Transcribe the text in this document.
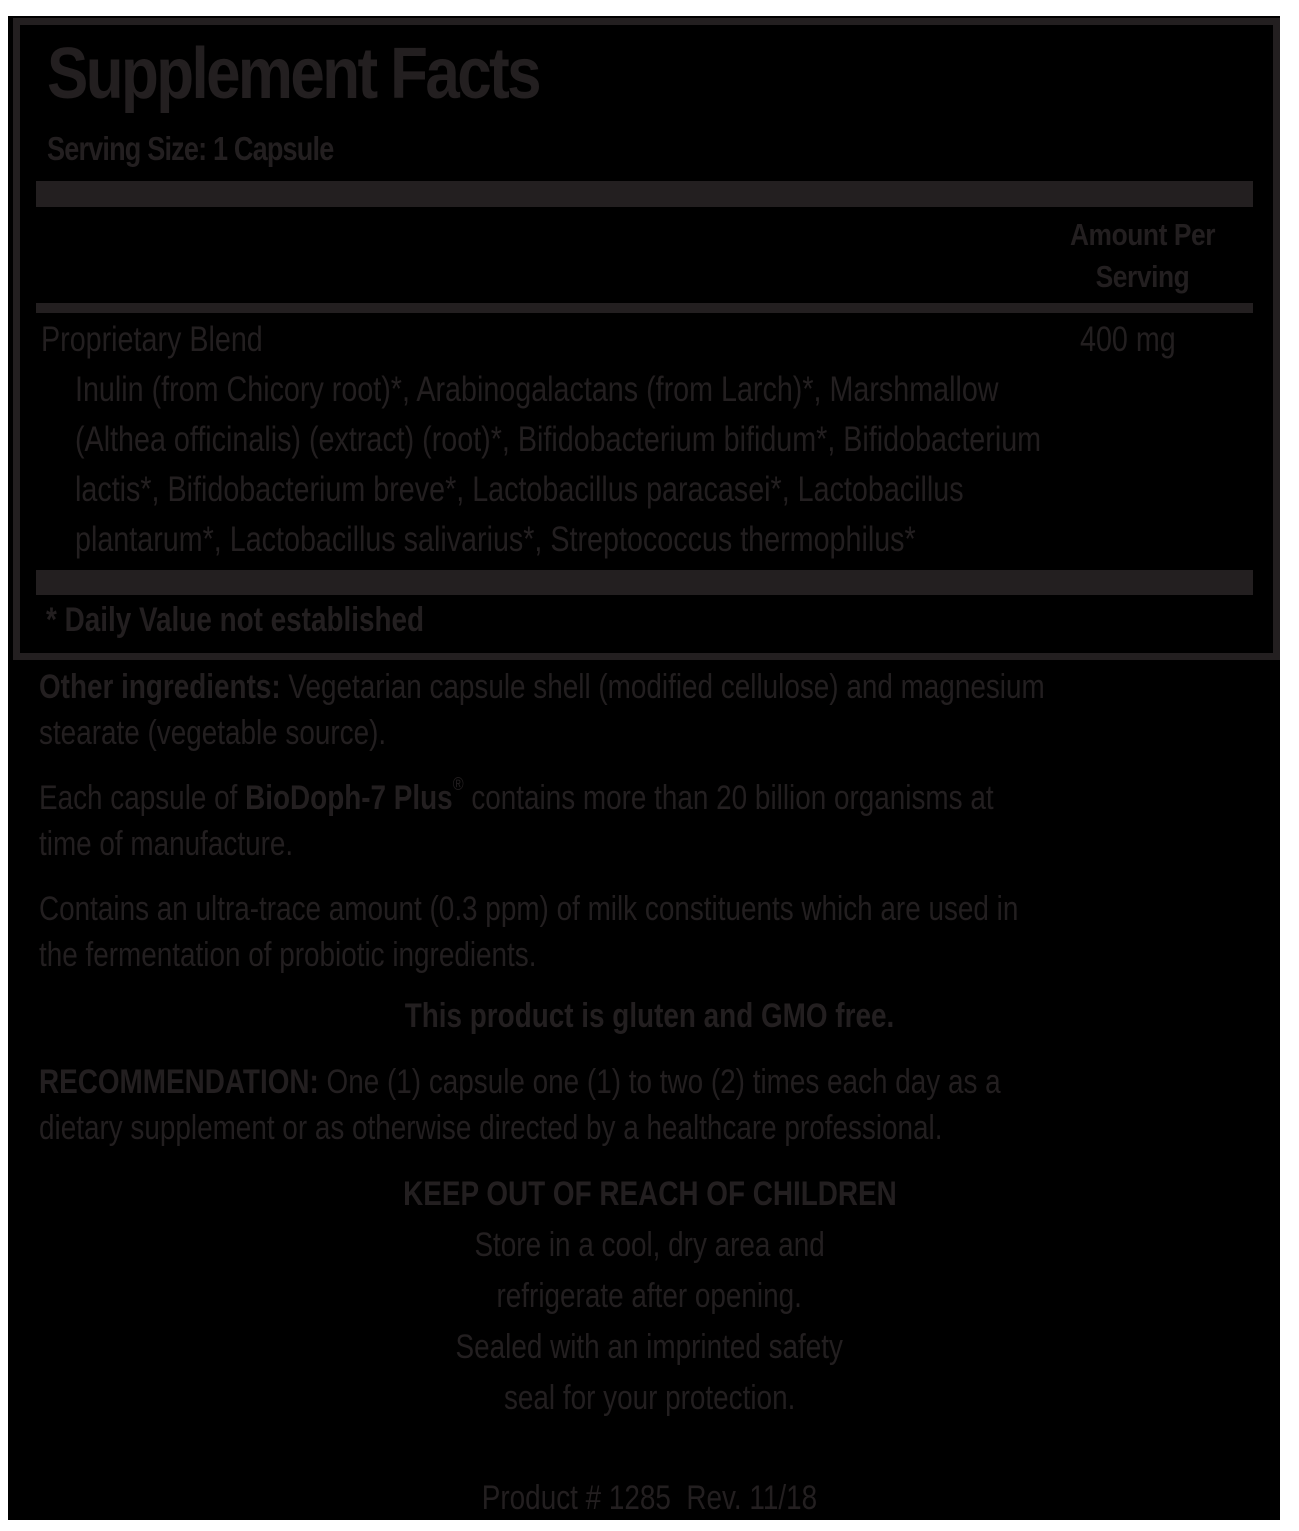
Supplement Facts
Serving Size: 1 Capsule
Amount Per
Serving
Proprietary Blend	400 mg
Inulin (from Chicory root)*, Arabinogalactans (from Larch)*, Marshmallow
(Althea officinalis) (extract) (root)*, Bifidobacterium bifidum*, Bifidobacterium
lactis*, Bifidobacterium breve*, Lactobacillus paracasei*, Lactobacillus
plantarum*, Lactobacillus salivarius*, Streptococcus thermophilus*
* Daily Value not established
Other ingredients: Vegetarian capsule shell (modified cellulose) and magnesium
stearate (vegetable source).
Each capsule of BioDoph-7 Plus® contains more than 20 billion organisms at
time of manufacture.
Contains an ultra-trace amount (0.3 ppm) of milk constituents which are used in
the fermentation of probiotic ingredients.
This product is gluten and GMO free.
RECOMMENDATION: One (1) capsule one (1) to two (2) times each day as a
dietary supplement or as otherwise directed by a healthcare professional.
KEEP OUT OF REACH OF CHILDREN
Store in a cool, dry area and
refrigerate after opening.
Sealed with an imprinted safety
seal for your protection.
Product # 1285  Rev. 11/18
